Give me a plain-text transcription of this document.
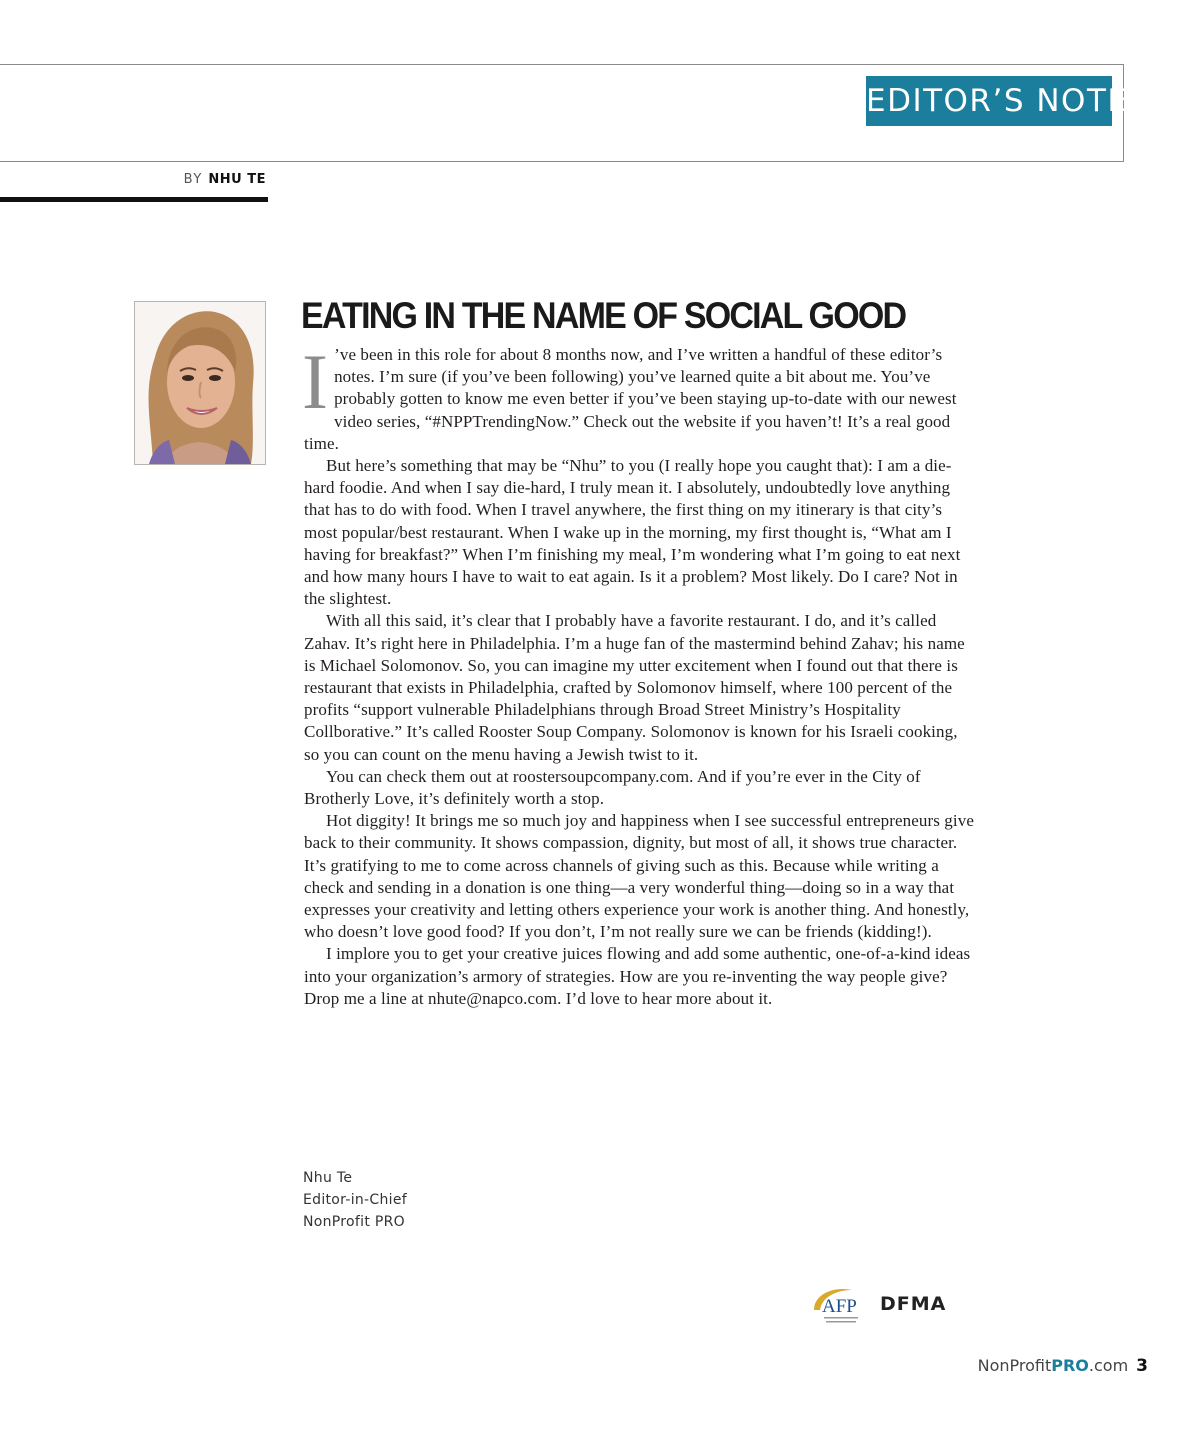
EDITOR’S NOTE
BY NHU TE
EATING IN THE NAME OF SOCIAL GOOD

I ’ve been in this role for about 8 months now, and I’ve written a handful of these editor’s notes. I’m sure (if you’ve been following) you’ve learned quite a bit about me. You’ve probably gotten to know me even better if you’ve been staying up-to-date with our newest video series, “#NPPTrendingNow.” Check out the website if you haven’t! It’s a real good time.

But here’s something that may be “Nhu” to you (I really hope you caught that): I am a die-hard foodie. And when I say die-hard, I truly mean it. I absolutely, undoubtedly love anything that has to do with food. When I travel anywhere, the first thing on my itinerary is that city’s most popular/best restaurant. When I wake up in the morning, my first thought is, “What am I having for breakfast?” When I’m finishing my meal, I’m wondering what I’m going to eat next and how many hours I have to wait to eat again. Is it a problem? Most likely. Do I care? Not in the slightest.

With all this said, it’s clear that I probably have a favorite restaurant. I do, and it’s called Zahav. It’s right here in Philadelphia. I’m a huge fan of the mastermind behind Zahav; his name is Michael Solomonov. So, you can imagine my utter excitement when I found out that there is restaurant that exists in Philadelphia, crafted by Solomonov himself, where 100 percent of the profits “support vulnerable Philadelphians through Broad Street Ministry’s Hospitality Collborative.” It’s called Rooster Soup Company. Solomonov is known for his Israeli cooking, so you can count on the menu having a Jewish twist to it.

You can check them out at roostersoupcompany.com. And if you’re ever in the City of Brotherly Love, it’s definitely worth a stop.

Hot diggity! It brings me so much joy and happiness when I see successful entrepreneurs give back to their community. It shows compassion, dignity, but most of all, it shows true character. It’s gratifying to me to come across channels of giving such as this. Because while writing a check and sending in a donation is one thing—a very wonderful thing—doing so in a way that expresses your creativity and letting others experience your work is another thing. And honestly, who doesn’t love good food? If you don’t, I’m not really sure we can be friends (kidding!).

I implore you to get your creative juices flowing and add some authentic, one-of-a-kind ideas into your organization’s armory of strategies. How are you re-inventing the way people give? Drop me a line at nhute@napco.com. I’d love to hear more about it.

Nhu Te
Editor-in-Chief
NonProfit PRO
AFP DFMA
NonProfitPRO.com 3
